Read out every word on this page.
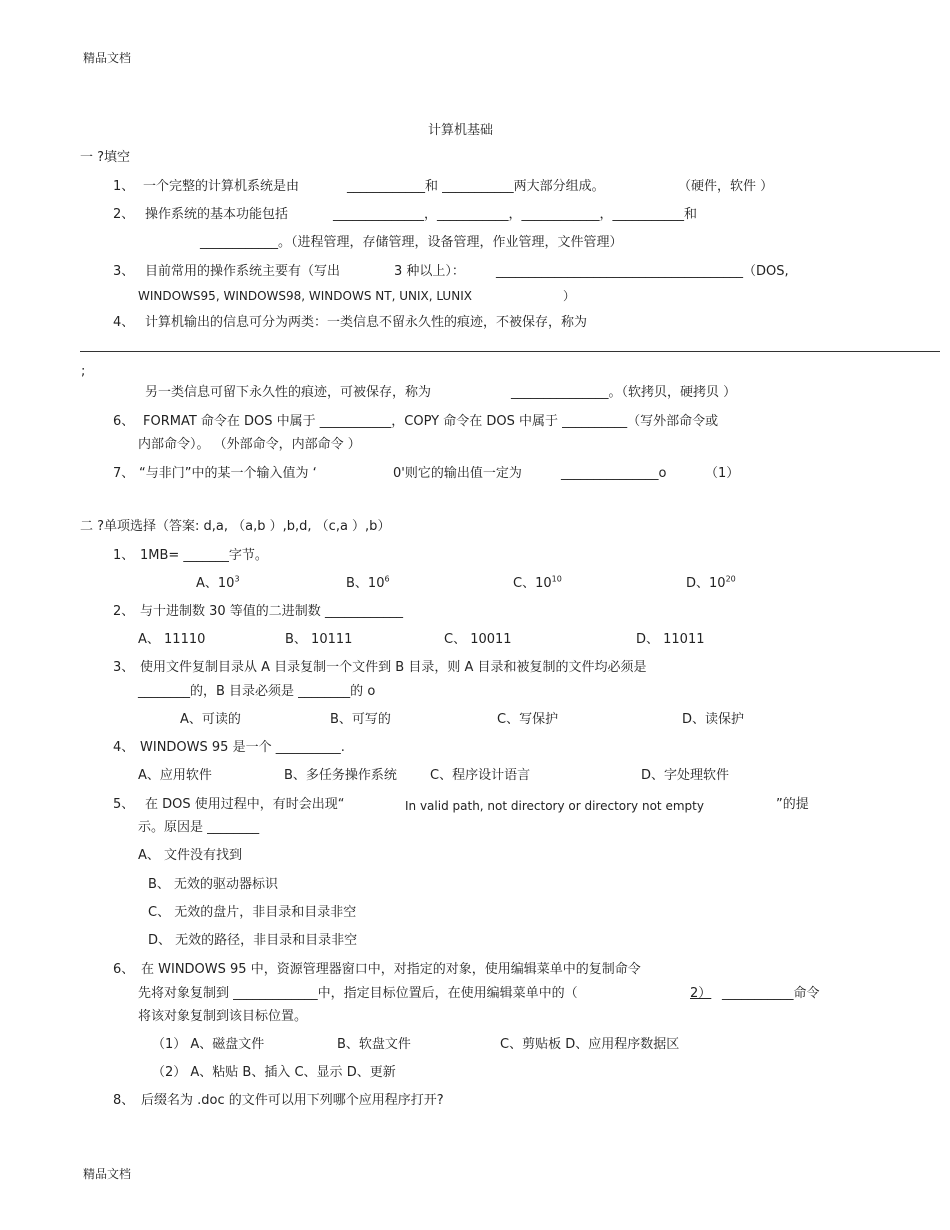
精品文档
精品文档
计算机基础
一 ?填空
1、 一个完整的计算机系统是由	____________和 ___________两大部分组成。	（硬件，软件 ）
2、 操作系统的基本功能包括	______________，___________，____________，___________和
____________。（进程管理，存储管理，设备管理，作业管理，文件管理）
3、 目前常用的操作系统主要有（写出	3 种以上）： ______________________________________（DOS,
WINDOWS95, WINDOWS98, WINDOWS NT, UNIX, LUNIX	）
4、 计算机输出的信息可分为两类：一类信息不留永久性的痕迹，不被保存，称为
;
另一类信息可留下永久性的痕迹，可被保存，称为	_______________。（软拷贝，硬拷贝 ）
6、 FORMAT 命令在 DOS 中属于 ___________，COPY 命令在 DOS 中属于 __________（写外部命令或
内部命令）。 （外部命令，内部命令 ）
7、 “与非门”中的某一个输入值为 ‘	0'则它的输出值一定为	_______________o	（1）
二 ?单项选择（答案: d,a, （a,b ）,b,d, （c,a ）,b）
1、 1MB= _______字节。
A、$10^3$	B、$10^6$	C、$10^{10}$	D、$10^{20}$
2、 与十进制数 30 等值的二进制数 ____________
A、 11110	B、 10111	C、 10011	D、 11011
3、 使用文件复制目录从 A 目录复制一个文件到 B 目录，则 A 目录和被复制的文件均必须是
________的，B 目录必须是 ________的 o
A、可读的	B、可写的	C、写保护	D、读保护
4、 WINDOWS 95 是一个 __________.
A、应用软件	B、多任务操作系统	C、程序设计语言	D、字处理软件
5、 在 DOS 使用过程中，有时会出现“	In valid path, not directory or directory not empty	”的提
示。原因是 ________
A、 文件没有找到
B、 无效的驱动器标识
C、 无效的盘片，非目录和目录非空
D、 无效的路径，非目录和目录非空
6、 在 WINDOWS 95 中，资源管理器窗口中，对指定的对象，使用编辑菜单中的复制命令
先将对象复制到 _____________中，指定目标位置后，在使用编辑菜单中的（	2） ___________命令
将该对象复制到该目标位置。
（1） A、磁盘文件	B、软盘文件	C、剪贴板 D、应用程序数据区
（2） A、粘贴 B、插入 C、显示 D、更新
8、 后缀名为 .doc 的文件可以用下列哪个应用程序打开?
